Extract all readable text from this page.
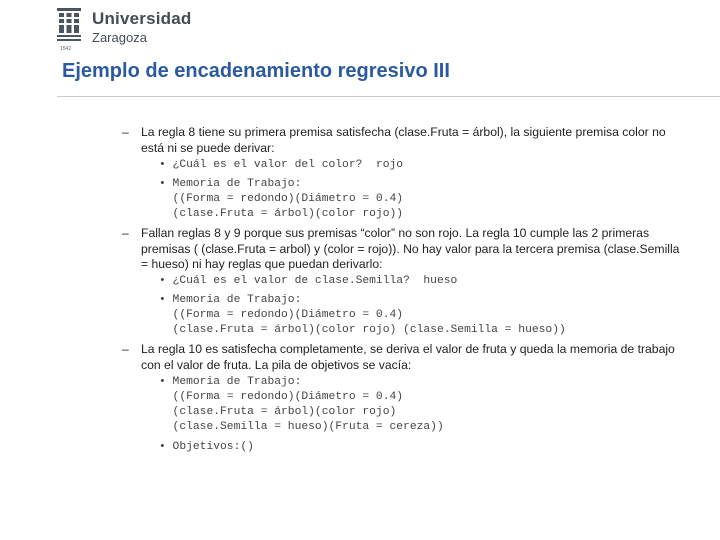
Universidad
Zaragoza
1542
Ejemplo de encadenamiento regresivo III
– La regla 8 tiene su primera premisa satisfecha (clase.Fruta = árbol), la siguiente premisa color no está ni se puede derivar:
• ¿Cuál es el valor del color?  rojo
• Memoria de Trabajo:
((Forma = redondo)(Diámetro = 0.4)
(clase.Fruta = árbol)(color rojo))
– Fallan reglas 8 y 9 porque sus premisas “color” no son rojo. La regla 10 cumple las 2 primeras premisas ( (clase.Fruta = arbol) y (color = rojo)). No hay valor para la tercera premisa (clase.Semilla = hueso) ni hay reglas que puedan derivarlo:
• ¿Cuál es el valor de clase.Semilla?  hueso
• Memoria de Trabajo:
((Forma = redondo)(Diámetro = 0.4)
(clase.Fruta = árbol)(color rojo) (clase.Semilla = hueso))
– La regla 10 es satisfecha completamente, se deriva el valor de fruta y queda la memoria de trabajo con el valor de fruta. La pila de objetivos se vacía:
• Memoria de Trabajo:
((Forma = redondo)(Diámetro = 0.4)
(clase.Fruta = árbol)(color rojo)
(clase.Semilla = hueso)(Fruta = cereza))
• Objetivos:()
